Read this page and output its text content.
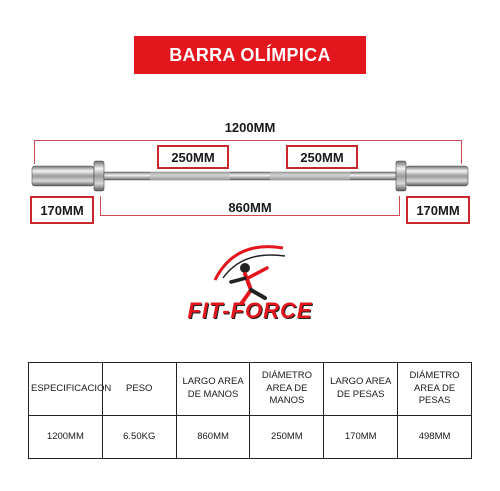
BARRA OLÍMPICA
1200MM
250MM	250MM
860MM
170MM	170MM
FIT-FORCE
ESPECIFICACION	PESO	LARGO AREA DE MANOS	DIÁMETRO AREA DE MANOS	LARGO AREA DE PESAS	DIÁMETRO AREA DE PESAS
1200MM	6.50KG	860MM	250MM	170MM	498MM
